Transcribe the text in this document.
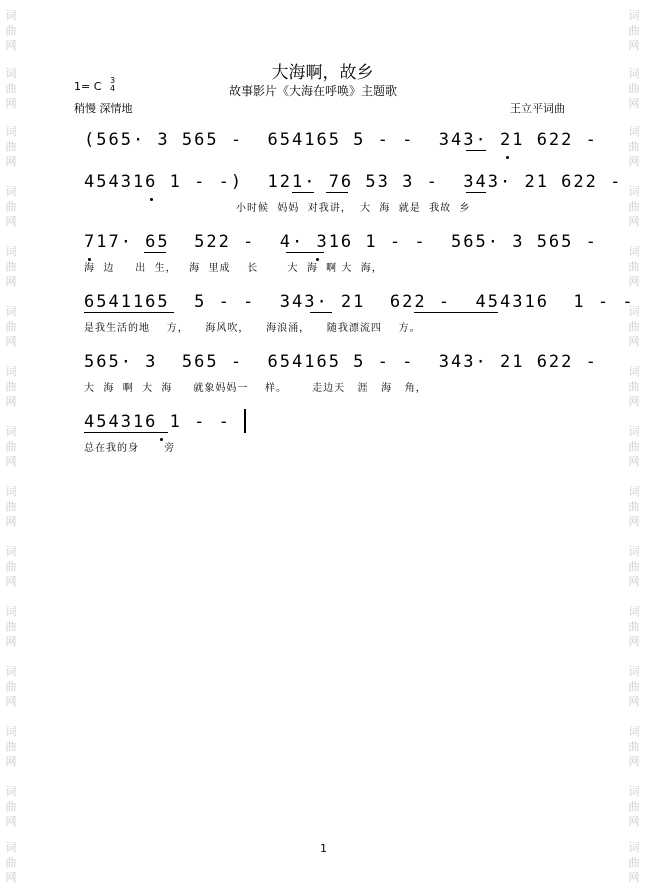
词
曲
网
词
曲
网
词
曲
网
词
曲
网
词
曲
网
词
曲
网
词
曲
网
词
曲
网
词
曲
网
词
曲
网
词
曲
网
词
曲
网
词
曲
网
词
曲
网
词
曲
网
词
曲
网
词
曲
网
词
曲
网
词
曲
网
词
曲
网
词
曲
网
词
曲
网
词
曲
网
词
曲
网
词
曲
网
词
曲
网
词
曲
网
词
曲
网
词
曲
网
词
曲
网
大海啊，故乡
1= C 3
4	故事影片《大海在呼唤》主题歌
稍慢 深情地	王立平词曲
(565· 3 565 -  654165 5 - -  343· 21 622 -
454316 1 - -)  121· 76 53 3 -  343· 21 622 -
小时候  妈妈  对我讲，  大  海  就是  我故  乡
717· 65  522 -  4· 316 1 - -  565· 3 565 -
海  边     出  生，   海  里成    长       大  海  啊 大  海，
6541165  5 - -  343· 21  622 -  454316  1 - -
是我生活的地    方，    海风吹，    海浪涌，    随我漂流四    方。
565· 3  565 -  654165 5 - -  343· 21 622 -
大  海  啊  大  海     就象妈妈一    样。      走边天   涯   海   角，
454316 1 - -
总在我的身      旁
1
